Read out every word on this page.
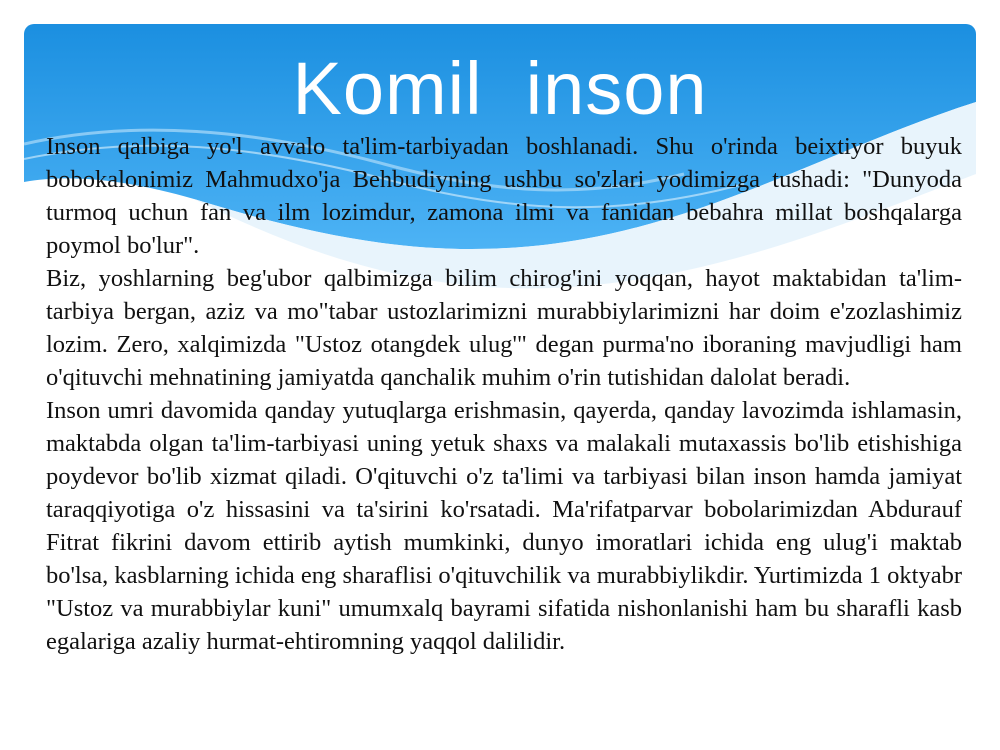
Komil  inson

Inson qalbiga yo'l avvalo ta'lim-tarbiyadan boshlanadi. Shu o'rinda beixtiyor buyuk bobokalonimiz Mahmudxo'ja Behbudiyning ushbu so'zlari yodimizga tushadi: "Dunyoda turmoq uchun fan va ilm lozimdur, zamona ilmi va fanidan bebahra millat boshqalarga poymol bo'lur".

Biz, yoshlarning beg'ubor qalbimizga bilim chirog'ini yoqqan, hayot maktabidan ta'lim-tarbiya bergan, aziz va mo"tabar ustozlarimizni murabbiylarimizni har doim e'zozlashimiz lozim. Zero, xalqimizda "Ustoz otangdek ulug'" degan purma'no iboraning mavjudligi ham o'qituvchi mehnatining jamiyatda qanchalik muhim o'rin tutishidan dalolat beradi.

Inson umri davomida qanday yutuqlarga erishmasin, qayerda, qanday lavozimda ishlamasin, maktabda olgan ta'lim-tarbiyasi uning yetuk shaxs va malakali mutaxassis bo'lib etishishiga poydevor bo'lib xizmat qiladi. O'qituvchi o'z ta'limi va tarbiyasi bilan inson hamda jamiyat taraqqiyotiga o'z hissasini va ta'sirini ko'rsatadi. Ma'rifatparvar bobolarimizdan Abdurauf Fitrat fikrini davom ettirib aytish mumkinki, dunyo imoratlari ichida eng ulug'i maktab bo'lsa, kasblarning ichida eng sharaflisi o'qituvchilik va murabbiylikdir. Yurtimizda 1 oktyabr "Ustoz va murabbiylar kuni" umumxalq bayrami sifatida nishonlanishi ham bu sharafli kasb egalariga azaliy hurmat-ehtiromning yaqqol dalilidir.
